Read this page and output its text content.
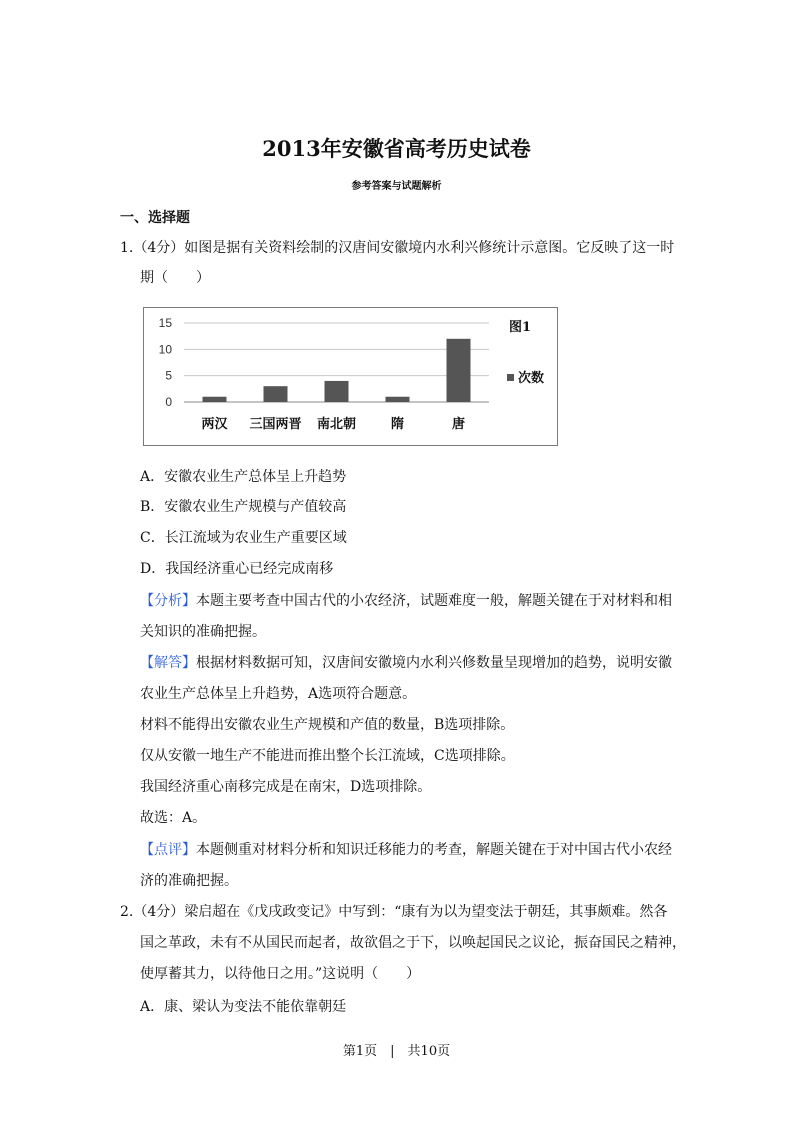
2013年安徽省高考历史试卷
参考答案与试题解析
一、选择题
1.（4分）如图是据有关资料绘制的汉唐间安徽境内水利兴修统计示意图。它反映了这一时
期（　　）
0
5
10
15
两汉 三国两晋 南北朝	隋	唐
图1
次数
A．安徽农业生产总体呈上升趋势
B．安徽农业生产规模与产值较高
C．长江流域为农业生产重要区域
D．我国经济重心已经完成南移
【分析】本题主要考查中国古代的小农经济，试题难度一般，解题关键在于对材料和相
关知识的准确把握。
【解答】根据材料数据可知，汉唐间安徽境内水利兴修数量呈现增加的趋势，说明安徽
农业生产总体呈上升趋势，A选项符合题意。
材料不能得出安徽农业生产规模和产值的数量，B选项排除。
仅从安徽一地生产不能进而推出整个长江流域，C选项排除。
我国经济重心南移完成是在南宋，D选项排除。
故选：A。
【点评】本题侧重对材料分析和知识迁移能力的考查，解题关键在于对中国古代小农经
济的准确把握。
2.（4分）梁启超在《戊戌政变记》中写到：“康有为以为望变法于朝廷，其事颇难。然各
国之革政，未有不从国民而起者，故欲倡之于下，以唤起国民之议论，振奋国民之精神，
使厚蓄其力，以待他日之用。”这说明（　　）
A．康、梁认为变法不能依靠朝廷
第1页　|　共10页
